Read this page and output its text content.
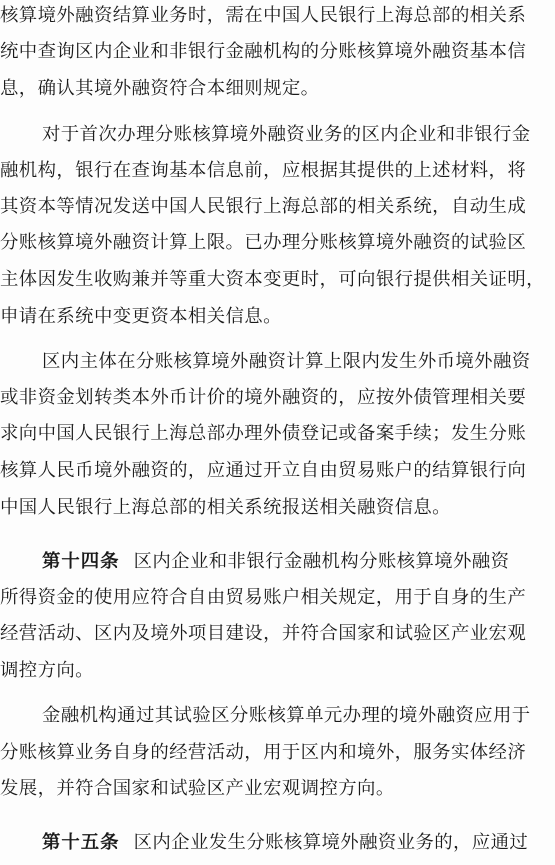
核算境外融资结算业务时，需在中国人民银行上海总部的相关系
统中查询区内企业和非银行金融机构的分账核算境外融资基本信
息，确认其境外融资符合本细则规定。
对于首次办理分账核算境外融资业务的区内企业和非银行金
融机构，银行在查询基本信息前，应根据其提供的上述材料，将
其资本等情况发送中国人民银行上海总部的相关系统，自动生成
分账核算境外融资计算上限。已办理分账核算境外融资的试验区
主体因发生收购兼并等重大资本变更时，可向银行提供相关证明，
申请在系统中变更资本相关信息。
区内主体在分账核算境外融资计算上限内发生外币境外融资
或非资金划转类本外币计价的境外融资的，应按外债管理相关要
求向中国人民银行上海总部办理外债登记或备案手续；发生分账
核算人民币境外融资的，应通过开立自由贸易账户的结算银行向
中国人民银行上海总部的相关系统报送相关融资信息。
第十四条 区内企业和非银行金融机构分账核算境外融资
所得资金的使用应符合自由贸易账户相关规定，用于自身的生产
经营活动、区内及境外项目建设，并符合国家和试验区产业宏观
调控方向。
金融机构通过其试验区分账核算单元办理的境外融资应用于
分账核算业务自身的经营活动，用于区内和境外，服务实体经济
发展，并符合国家和试验区产业宏观调控方向。
第十五条 区内企业发生分账核算境外融资业务的，应通过
